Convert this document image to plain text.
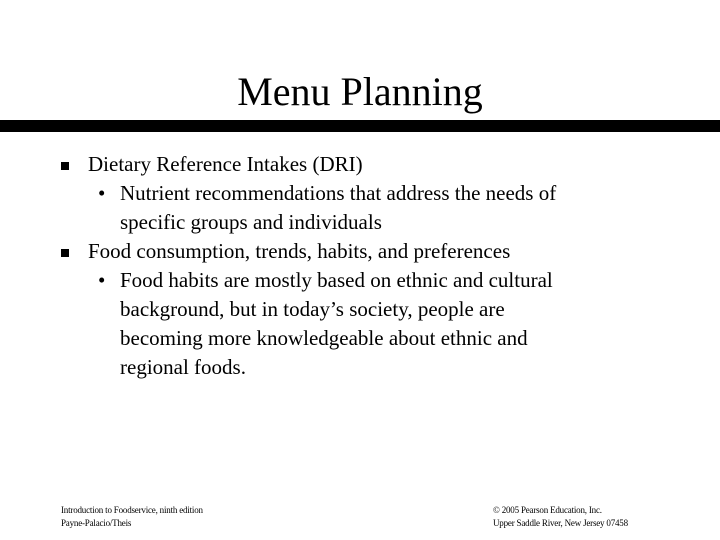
Menu Planning
Dietary Reference Intakes (DRI)
• Nutrient recommendations that address the needs of
specific groups and individuals
Food consumption, trends, habits, and preferences
• Food habits are mostly based on ethnic and cultural
background, but in today’s society, people are
becoming more knowledgeable about ethnic and
regional foods.
Introduction to Foodservice, ninth edition
Payne-Palacio/Theis
© 2005 Pearson Education, Inc.
Upper Saddle River, New Jersey 07458
